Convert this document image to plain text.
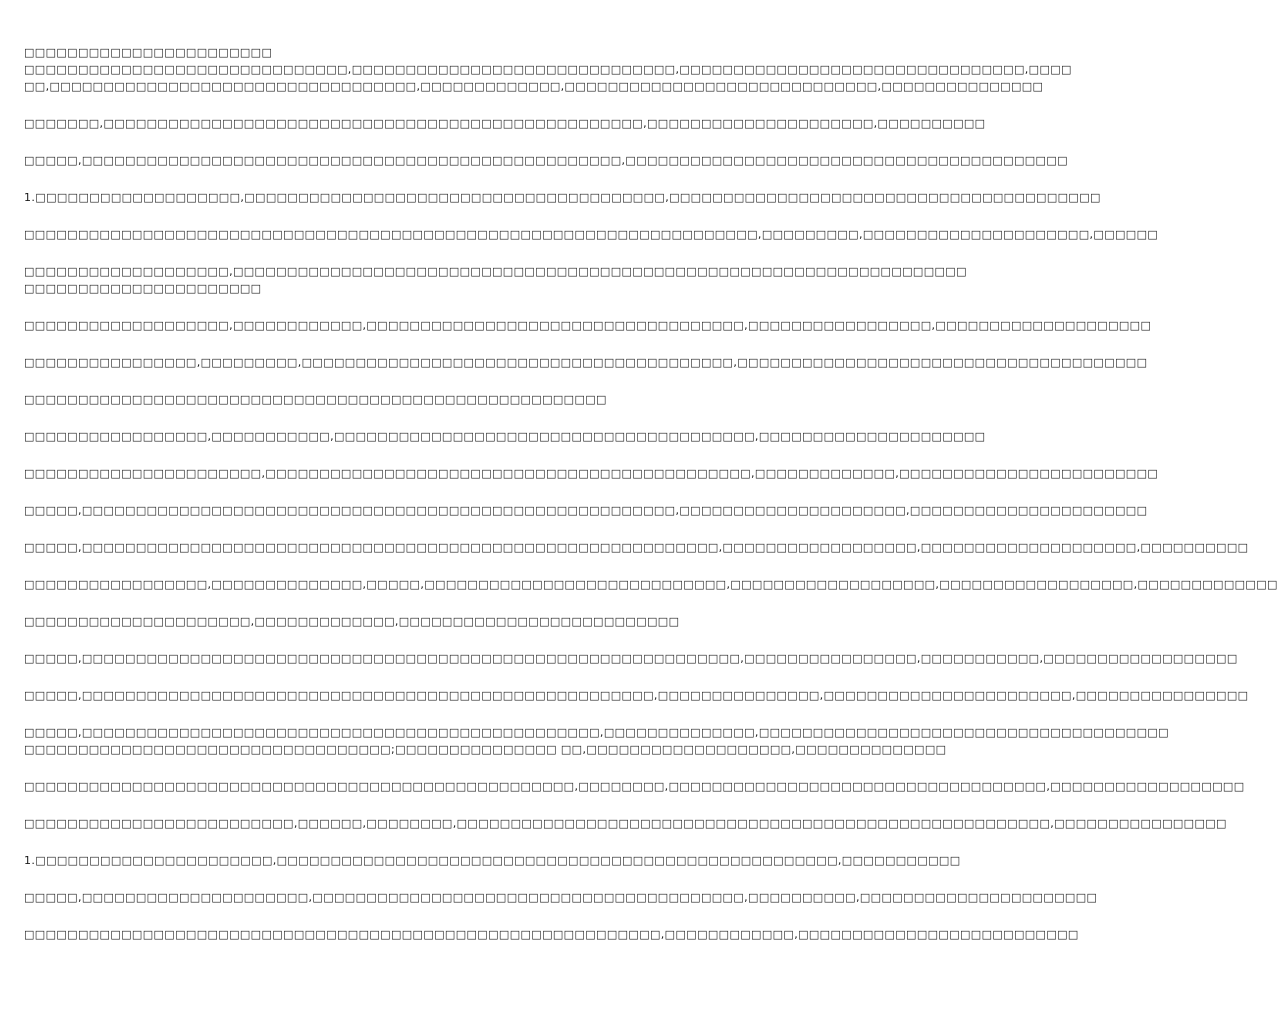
□□□□□□□□□□□□□□□□□□□□□□□
□□□□□□□□□□□□□□□□□□□□□□□□□□□□□□,□□□□□□□□□□□□□□□□□□□□□□□□□□□□□□,□□□□□□□□□□□□□□□□□□□□□□□□□□□□□□□□,□□□□
□□,□□□□□□□□□□□□□□□□□□□□□□□□□□□□□□□□□□,□□□□□□□□□□□□□,□□□□□□□□□□□□□□□□□□□□□□□□□□□□□,□□□□□□□□□□□□□□□
□□□□□□□,□□□□□□□□□□□□□□□□□□□□□□□□□□□□□□□□□□□□□□□□□□□□□□□□□□,□□□□□□□□□□□□□□□□□□□□□,□□□□□□□□□□
□□□□□,□□□□□□□□□□□□□□□□□□□□□□□□□□□□□□□□□□□□□□□□□□□□□□□□□□,□□□□□□□□□□□□□□□□□□□□□□□□□□□□□□□□□□□□□□□□□
1.□□□□□□□□□□□□□□□□□□□,□□□□□□□□□□□□□□□□□□□□□□□□□□□□□□□□□□□□□□□,□□□□□□□□□□□□□□□□□□□□□□□□□□□□□□□□□□□□□□□□
□□□□□□□□□□□□□□□□□□□□□□□□□□□□□□□□□□□□□□□□□□□□□□□□□□□□□□□□□□□□□□□□□□□□,□□□□□□□□□,□□□□□□□□□□□□□□□□□□□□□,□□□□□□
□□□□□□□□□□□□□□□□□□□,□□□□□□□□□□□□□□□□□□□□□□□□□□□□□□□□□□□□□□□□□□□□□□□□□□□□□□□□□□□□□□□□□□□□
□□□□□□□□□□□□□□□□□□□□□□
□□□□□□□□□□□□□□□□□□□,□□□□□□□□□□□□,□□□□□□□□□□□□□□□□□□□□□□□□□□□□□□□□□□□,□□□□□□□□□□□□□□□□□,□□□□□□□□□□□□□□□□□□□□
□□□□□□□□□□□□□□□□,□□□□□□□□□,□□□□□□□□□□□□□□□□□□□□□□□□□□□□□□□□□□□□□□□□,□□□□□□□□□□□□□□□□□□□□□□□□□□□□□□□□□□□□□□
□□□□□□□□□□□□□□□□□□□□□□□□□□□□□□□□□□□□□□□□□□□□□□□□□□□□□□
□□□□□□□□□□□□□□□□□,□□□□□□□□□□□,□□□□□□□□□□□□□□□□□□□□□□□□□□□□□□□□□□□□□□□,□□□□□□□□□□□□□□□□□□□□□
□□□□□□□□□□□□□□□□□□□□□□,□□□□□□□□□□□□□□□□□□□□□□□□□□□□□□□□□□□□□□□□□□□□□,□□□□□□□□□□□□□,□□□□□□□□□□□□□□□□□□□□□□□□
□□□□□,□□□□□□□□□□□□□□□□□□□□□□□□□□□□□□□□□□□□□□□□□□□□□□□□□□□□□□□,□□□□□□□□□□□□□□□□□□□□□,□□□□□□□□□□□□□□□□□□□□□□
□□□□□,□□□□□□□□□□□□□□□□□□□□□□□□□□□□□□□□□□□□□□□□□□□□□□□□□□□□□□□□□□□,□□□□□□□□□□□□□□□□□□,□□□□□□□□□□□□□□□□□□□□,□□□□□□□□□□
□□□□□□□□□□□□□□□□□,□□□□□□□□□□□□□□,□□□□□,□□□□□□□□□□□□□□□□□□□□□□□□□□□□,□□□□□□□□□□□□□□□□□□□,□□□□□□□□□□□□□□□□□□,□□□□□□□□□□□□□
□□□□□□□□□□□□□□□□□□□□□,□□□□□□□□□□□□□,□□□□□□□□□□□□□□□□□□□□□□□□□□
□□□□□,□□□□□□□□□□□□□□□□□□□□□□□□□□□□□□□□□□□□□□□□□□□□□□□□□□□□□□□□□□□□□,□□□□□□□□□□□□□□□□,□□□□□□□□□□□,□□□□□□□□□□□□□□□□□□
□□□□□,□□□□□□□□□□□□□□□□□□□□□□□□□□□□□□□□□□□□□□□□□□□□□□□□□□□□□,□□□□□□□□□□□□□□□,□□□□□□□□□□□□□□□□□□□□□□□,□□□□□□□□□□□□□□□□
□□□□□,□□□□□□□□□□□□□□□□□□□□□□□□□□□□□□□□□□□□□□□□□□□□□□□□,□□□□□□□□□□□□□□,□□□□□□□□□□□□□□□□□□□□□□□□□□□□□□□□□□□□□□
□□□□□□□□□□□□□□□□□□□□□□□□□□□□□□□□□□;□□□□□□□□□□□□□□□ □□,□□□□□□□□□□□□□□□□□□□,□□□□□□□□□□□□□□
□□□□□□□□□□□□□□□□□□□□□□□□□□□□□□□□□□□□□□□□□□□□□□□□□□□,□□□□□□□□,□□□□□□□□□□□□□□□□□□□□□□□□□□□□□□□□□□□,□□□□□□□□□□□□□□□□□□
□□□□□□□□□□□□□□□□□□□□□□□□□,□□□□□□,□□□□□□□□,□□□□□□□□□□□□□□□□□□□□□□□□□□□□□□□□□□□□□□□□□□□□□□□□□□□□□□□,□□□□□□□□□□□□□□□□
1.□□□□□□□□□□□□□□□□□□□□□□,□□□□□□□□□□□□□□□□□□□□□□□□□□□□□□□□□□□□□□□□□□□□□□□□□□□□,□□□□□□□□□□□
□□□□□,□□□□□□□□□□□□□□□□□□□□□,□□□□□□□□□□□□□□□□□□□□□□□□□□□□□□□□□□□□□□□□,□□□□□□□□□□,□□□□□□□□□□□□□□□□□□□□□□
□□□□□□□□□□□□□□□□□□□□□□□□□□□□□□□□□□□□□□□□□□□□□□□□□□□□□□□□□□□,□□□□□□□□□□□□,□□□□□□□□□□□□□□□□□□□□□□□□□□
